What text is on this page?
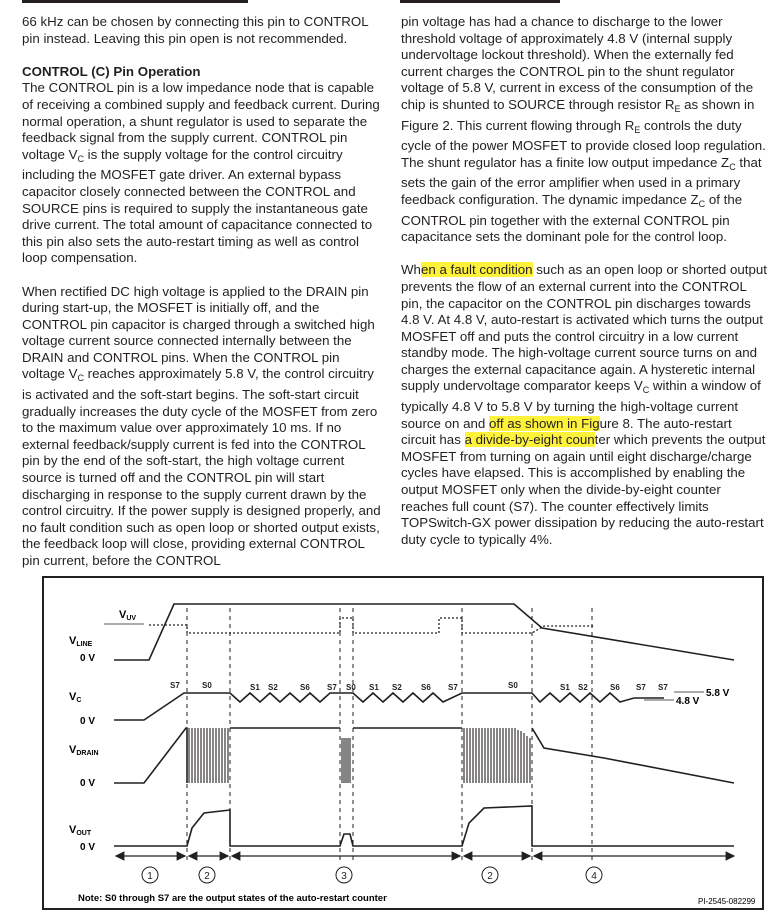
66 kHz can be chosen by connecting this pin to CONTROL pin instead. Leaving this pin open is not recommended.

CONTROL (C) Pin Operation

The CONTROL pin is a low impedance node that is capable of receiving a combined supply and feedback current. During normal operation, a shunt regulator is used to separate the feedback signal from the supply current. CONTROL pin voltage $V_C$ is the supply voltage for the control circuitry including the MOSFET gate driver. An external bypass capacitor closely connected between the CONTROL and SOURCE pins is required to supply the instantaneous gate drive current. The total amount of capacitance connected to this pin also sets the auto-restart timing as well as control loop compensation.

When rectified DC high voltage is applied to the DRAIN pin during start-up, the MOSFET is initially off, and the CONTROL pin capacitor is charged through a switched high voltage current source connected internally between the DRAIN and CONTROL pins. When the CONTROL pin voltage $V_C$ reaches approximately 5.8 V, the control circuitry is activated and the soft-start begins. The soft-start circuit gradually increases the duty cycle of the MOSFET from zero to the maximum value over approximately 10 ms. If no external feedback/supply current is fed into the CONTROL pin by the end of the soft-start, the high voltage current source is turned off and the CONTROL pin will start discharging in response to the supply current drawn by the control circuitry. If the power supply is designed properly, and no fault condition such as open loop or shorted output exists, the feedback loop will close, providing external CONTROL pin current, before the CONTROL

pin voltage has had a chance to discharge to the lower threshold voltage of approximately 4.8 V (internal supply undervoltage lockout threshold). When the externally fed current charges the CONTROL pin to the shunt regulator voltage of 5.8 V, current in excess of the consumption of the chip is shunted to SOURCE through resistor $R_E$ as shown in Figure 2. This current flowing through $R_E$ controls the duty cycle of the power MOSFET to provide closed loop regulation. The shunt regulator has a finite low output impedance $Z_C$ that sets the gain of the error amplifier when used in a primary feedback configuration. The dynamic impedance $Z_C$ of the CONTROL pin together with the external CONTROL pin capacitance sets the dominant pole for the control loop.

When a fault condition such as an open loop or shorted output prevents the flow of an external current into the CONTROL pin, the capacitor on the CONTROL pin discharges towards 4.8 V. At 4.8 V, auto-restart is activated which turns the output MOSFET off and puts the control circuitry in a low current standby mode. The high-voltage current source turns on and charges the external capacitance again. A hysteretic internal supply undervoltage comparator keeps $V_C$ within a window of typically 4.8 V to 5.8 V by turning the high-voltage current source on and off as shown in Figure 8. The auto-restart circuit has a divide-by-eight counter which prevents the output MOSFET from turning on again until eight discharge/charge cycles have elapsed. This is accomplished by enabling the output MOSFET only when the divide-by-eight counter reaches full count (S7). The counter effectively limits TOPSwitch-GX power dissipation by reducing the auto-restart duty cycle to typically 4%.

VUV
VLINE
0 V
5.8 V
4.8 V
VC
0 V
S7	S0	S1 S2	S6 S7 S0 S1 S2 S6 S7	S0	S1 S2	S6 S7 S7
VDRAIN
0 V
VOUT
0 V
1	2	3	2	4
Note: S0 through S7 are the output states of the auto-restart counter	PI-2545-082299
